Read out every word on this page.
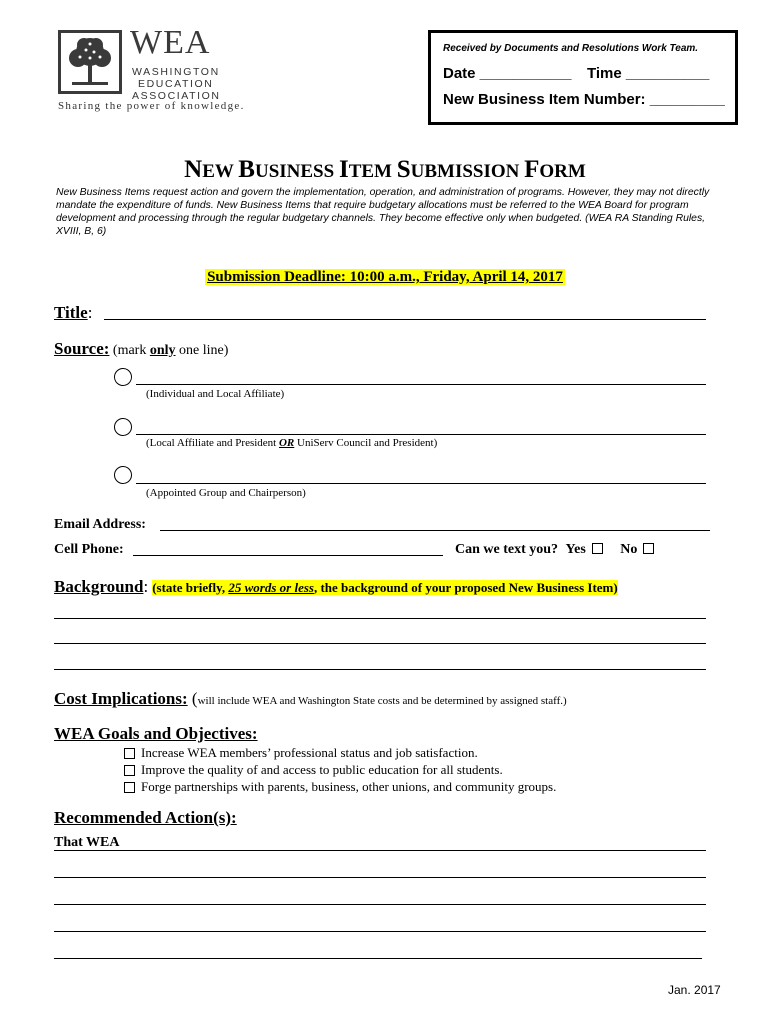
WEA
WASHINGTON
EDUCATION
ASSOCIATION
Sharing the power of knowledge.
Received by Documents and Resolutions Work Team.
Date ___________ Time __________
New Business Item Number: _________
NEW BUSINESS ITEM SUBMISSION FORM
New Business Items request action and govern the implementation, operation, and administration of programs. However, they may not directly mandate the expenditure of funds. New Business Items that require budgetary allocations must be referred to the WEA Board for program development and processing through the regular budgetary channels. They become effective only when budgeted. (WEA RA Standing Rules, XVIII, B, 6)
Submission Deadline: 10:00 a.m., Friday, April 14, 2017
Title:
Source: (mark only one line)
(Individual and Local Affiliate)
(Local Affiliate and President OR UniServ Council and President)
(Appointed Group and Chairperson)
Email Address:
Cell Phone:	Can we text you? Yes No
Background: (state briefly, 25 words or less, the background of your proposed New Business Item)
Cost Implications: (will include WEA and Washington State costs and be determined by assigned staff.)
WEA Goals and Objectives:
Increase WEA members’ professional status and job satisfaction.
Improve the quality of and access to public education for all students.
Forge partnerships with parents, business, other unions, and community groups.
Recommended Action(s):
That WEA
Jan. 2017
